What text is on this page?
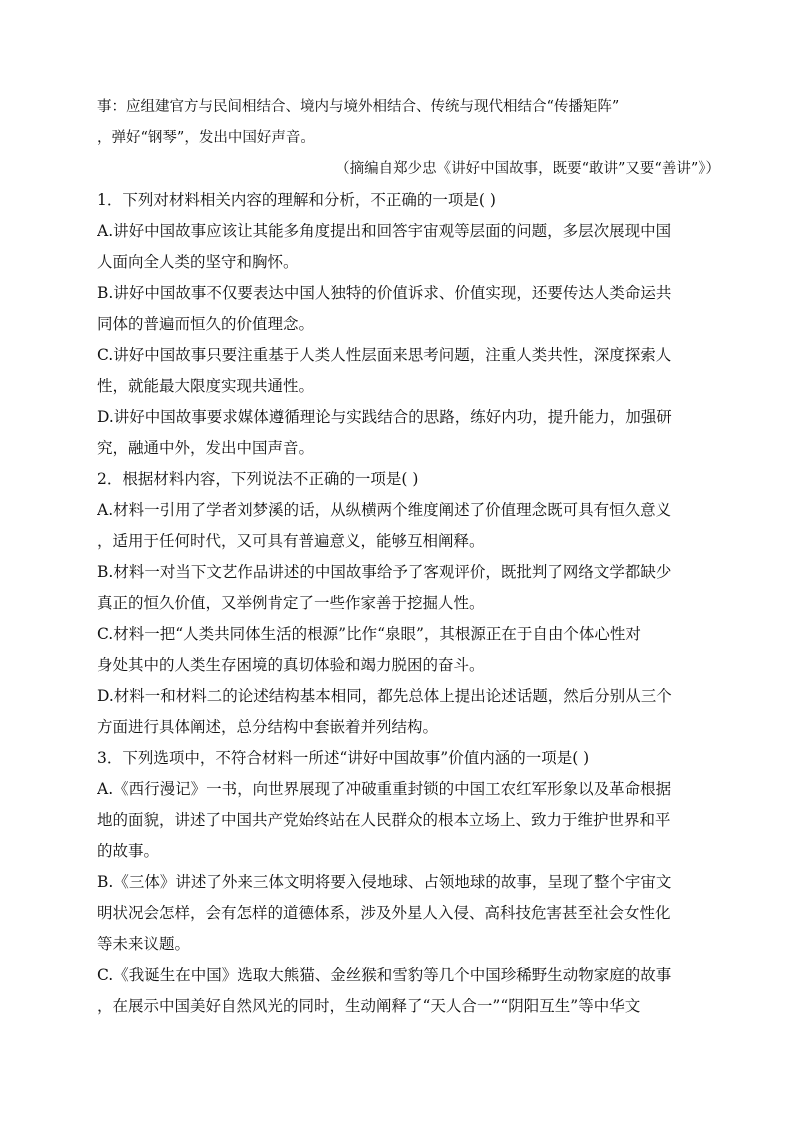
事：应组建官方与民间相结合、境内与境外相结合、传统与现代相结合“传播矩阵”
，弹好“钢琴”，发出中国好声音。
（摘编自郑少忠《讲好中国故事，既要“敢讲”又要“善讲”》）
1．下列对材料相关内容的理解和分析，不正确的一项是( )
A.讲好中国故事应该让其能多角度提出和回答宇宙观等层面的问题，多层次展现中国
人面向全人类的坚守和胸怀。
B.讲好中国故事不仅要表达中国人独特的价值诉求、价值实现，还要传达人类命运共
同体的普遍而恒久的价值理念。
C.讲好中国故事只要注重基于人类人性层面来思考问题，注重人类共性，深度探索人
性，就能最大限度实现共通性。
D.讲好中国故事要求媒体遵循理论与实践结合的思路，练好内功，提升能力，加强研
究，融通中外，发出中国声音。
2．根据材料内容，下列说法不正确的一项是( )
A.材料一引用了学者刘梦溪的话，从纵横两个维度阐述了价值理念既可具有恒久意义
，适用于任何时代，又可具有普遍意义，能够互相阐释。
B.材料一对当下文艺作品讲述的中国故事给予了客观评价，既批判了网络文学都缺少
真正的恒久价值，又举例肯定了一些作家善于挖掘人性。
C.材料一把“人类共同体生活的根源”比作“泉眼”，其根源正在于自由个体心性对
身处其中的人类生存困境的真切体验和竭力脱困的奋斗。
D.材料一和材料二的论述结构基本相同，都先总体上提出论述话题，然后分别从三个
方面进行具体阐述，总分结构中套嵌着并列结构。
3．下列选项中，不符合材料一所述“讲好中国故事”价值内涵的一项是( )
A.《西行漫记》一书，向世界展现了冲破重重封锁的中国工农红军形象以及革命根据
地的面貌，讲述了中国共产党始终站在人民群众的根本立场上、致力于维护世界和平
的故事。
B.《三体》讲述了外来三体文明将要入侵地球、占领地球的故事，呈现了整个宇宙文
明状况会怎样，会有怎样的道德体系，涉及外星人入侵、高科技危害甚至社会女性化
等未来议题。
C.《我诞生在中国》选取大熊猫、金丝猴和雪豹等几个中国珍稀野生动物家庭的故事
，在展示中国美好自然风光的同时，生动阐释了“天人合一”“阴阳互生”等中华文
